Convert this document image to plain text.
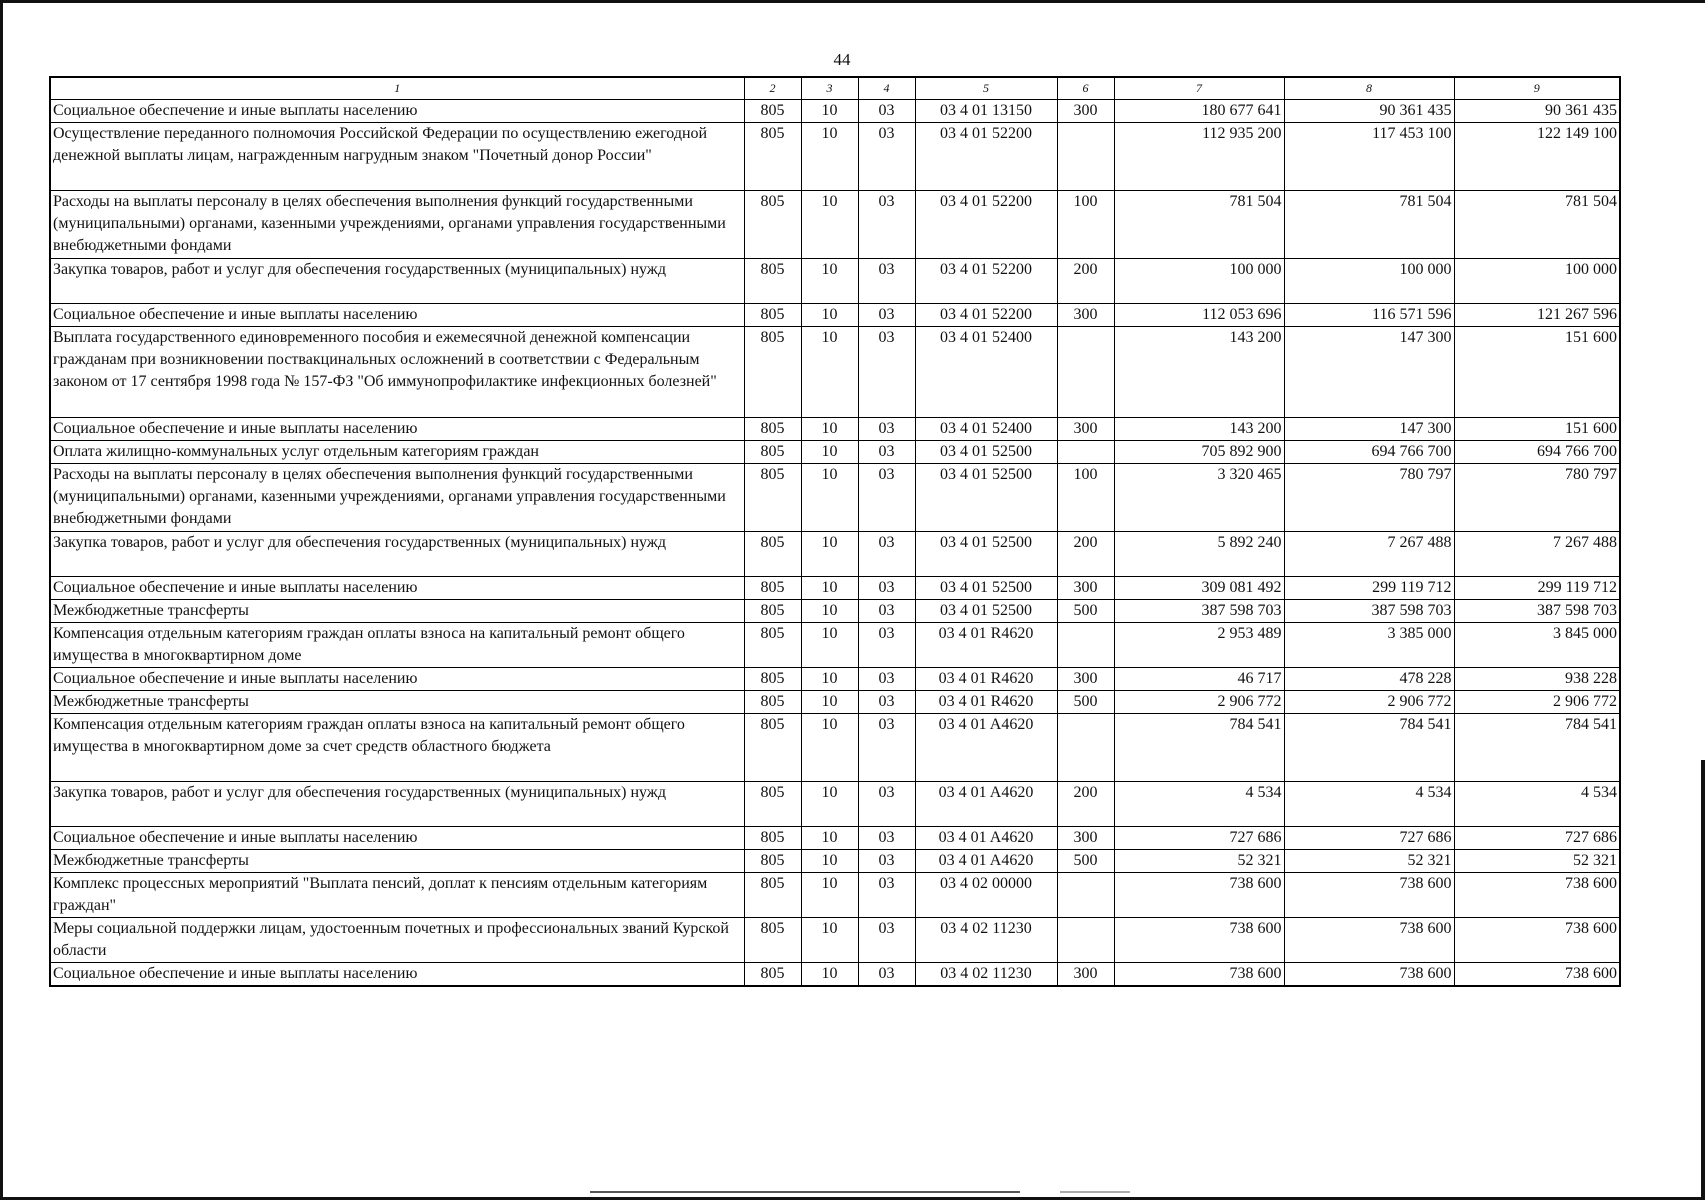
44
1	2	3	4	5	6	7	8	9
Социальное обеспечение и иные выплаты населению	805	10	03	03 4 01 13150	300	180 677 641	90 361 435	90 361 435
Осуществление переданного полномочия Российской Федерации по осуществлению ежегодной денежной выплаты лицам, награжденным нагрудным знаком "Почетный донор России"	805	10	03	03 4 01 52200		112 935 200	117 453 100	122 149 100
Расходы на выплаты персоналу в целях обеспечения выполнения функций государственными (муниципальными) органами, казенными учреждениями, органами управления государственными внебюджетными фондами	805	10	03	03 4 01 52200	100	781 504	781 504	781 504
Закупка товаров, работ и услуг для обеспечения государственных (муниципальных) нужд	805	10	03	03 4 01 52200	200	100 000	100 000	100 000
Социальное обеспечение и иные выплаты населению	805	10	03	03 4 01 52200	300	112 053 696	116 571 596	121 267 596
Выплата государственного единовременного пособия и ежемесячной денежной компенсации гражданам при возникновении поствакцинальных осложнений в соответствии с Федеральным законом от 17 сентября 1998 года № 157-ФЗ "Об иммунопрофилактике инфекционных болезней"	805	10	03	03 4 01 52400		143 200	147 300	151 600
Социальное обеспечение и иные выплаты населению	805	10	03	03 4 01 52400	300	143 200	147 300	151 600
Оплата жилищно-коммунальных услуг отдельным категориям граждан	805	10	03	03 4 01 52500		705 892 900	694 766 700	694 766 700
Расходы на выплаты персоналу в целях обеспечения выполнения функций государственными (муниципальными) органами, казенными учреждениями, органами управления государственными внебюджетными фондами	805	10	03	03 4 01 52500	100	3 320 465	780 797	780 797
Закупка товаров, работ и услуг для обеспечения государственных (муниципальных) нужд	805	10	03	03 4 01 52500	200	5 892 240	7 267 488	7 267 488
Социальное обеспечение и иные выплаты населению	805	10	03	03 4 01 52500	300	309 081 492	299 119 712	299 119 712
Межбюджетные трансферты	805	10	03	03 4 01 52500	500	387 598 703	387 598 703	387 598 703
Компенсация отдельным категориям граждан оплаты взноса на капитальный ремонт общего имущества в многоквартирном доме	805	10	03	03 4 01 R4620		2 953 489	3 385 000	3 845 000
Социальное обеспечение и иные выплаты населению	805	10	03	03 4 01 R4620	300	46 717	478 228	938 228
Межбюджетные трансферты	805	10	03	03 4 01 R4620	500	2 906 772	2 906 772	2 906 772
Компенсация отдельным категориям граждан оплаты взноса на капитальный ремонт общего имущества в многоквартирном доме за счет средств областного бюджета	805	10	03	03 4 01 A4620		784 541	784 541	784 541
Закупка товаров, работ и услуг для обеспечения государственных (муниципальных) нужд	805	10	03	03 4 01 A4620	200	4 534	4 534	4 534
Социальное обеспечение и иные выплаты населению	805	10	03	03 4 01 A4620	300	727 686	727 686	727 686
Межбюджетные трансферты	805	10	03	03 4 01 A4620	500	52 321	52 321	52 321
Комплекс процессных мероприятий "Выплата пенсий, доплат к пенсиям отдельным категориям граждан"	805	10	03	03 4 02 00000		738 600	738 600	738 600
Меры социальной поддержки лицам, удостоенным почетных и профессиональных званий Курской области	805	10	03	03 4 02 11230		738 600	738 600	738 600
Социальное обеспечение и иные выплаты населению	805	10	03	03 4 02 11230	300	738 600	738 600	738 600
